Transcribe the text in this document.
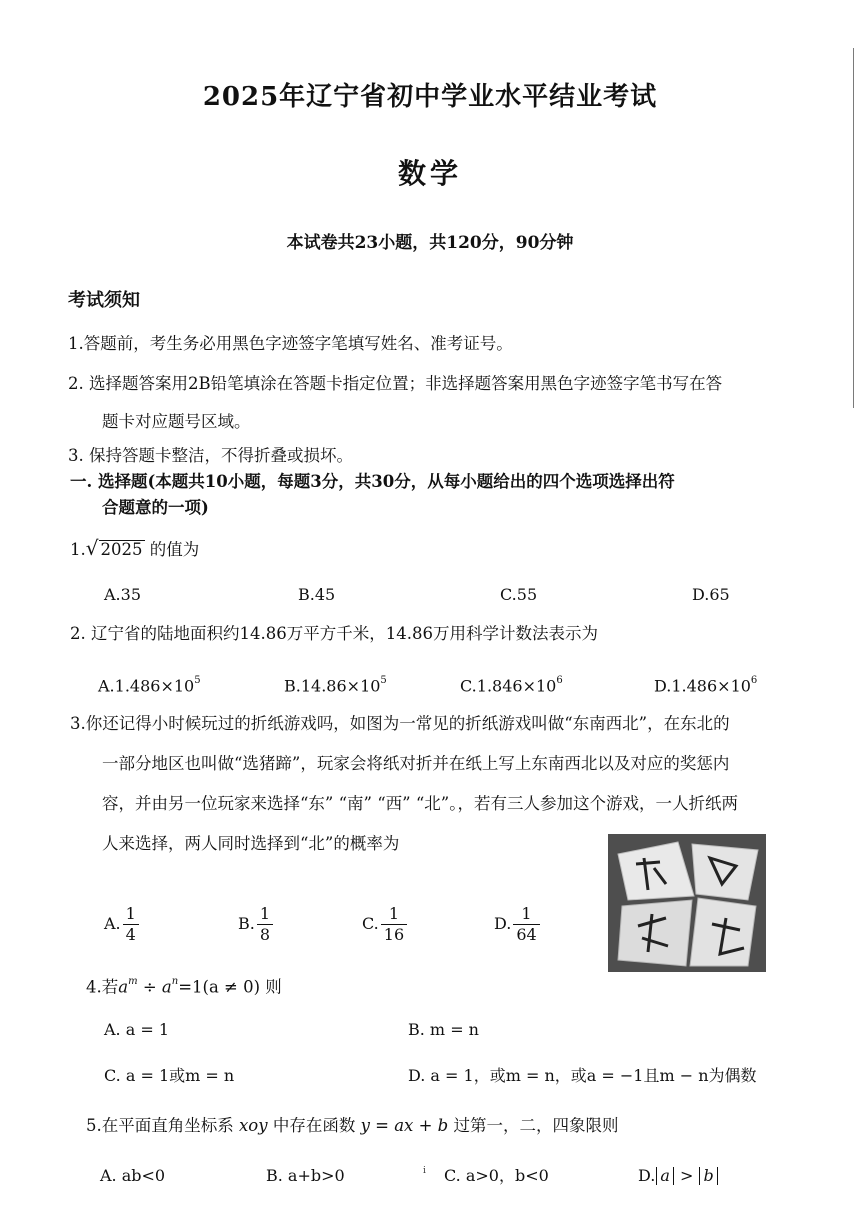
2025年辽宁省初中学业水平结业考试
数学
本试卷共23小题，共120分，90分钟
考试须知
1.答题前，考生务必用黑色字迹签字笔填写姓名、准考证号。
2. 选择题答案用2B铅笔填涂在答题卡指定位置；非选择题答案用黑色字迹签字笔书写在答
题卡对应题号区域。
3. 保持答题卡整洁，不得折叠或损坏。
一. 选择题(本题共10小题，每题3分，共30分，从每小题给出的四个选项选择出符
合题意的一项)
1.√ 2025 的值为
A.35	B.45	C.55	D.65
2. 辽宁省的陆地面积约14.86万平方千米，14.86万用科学计数法表示为
$A.1.486\times 10^5$	$B.14.86\times 10^5$	$C.1.846\times 10^6$	$D.1.486\times 10^6$
3.你还记得小时候玩过的折纸游戏吗，如图为一常见的折纸游戏叫做“东南西北”，在东北的
一部分地区也叫做“选猪蹄”，玩家会将纸对折并在纸上写上东南西北以及对应的奖惩内
容，并由另一位玩家来选择“东” “南” “西” “北”。，若有三人参加这个游戏，一人折纸两
人来选择，两人同时选择到“北”的概率为
A. $\frac{1}{4}$	B. $\frac{1}{8}$	C. $\frac{1}{16}$	D. $\frac{1}{64}$
4.若$a^m \div a^n=1(a \ne 0)$ 则
A. a = 1	B. m = n
C. a = 1或m = n	D. a = 1，或m = n，或a = −1且m − n为偶数
5.在平面直角坐标系 xoy 中存在函数 y = ax + b 过第一，二，四象限则
A. ab<0	B. a+b>0	i C. a>0，b<0	D. a > b
